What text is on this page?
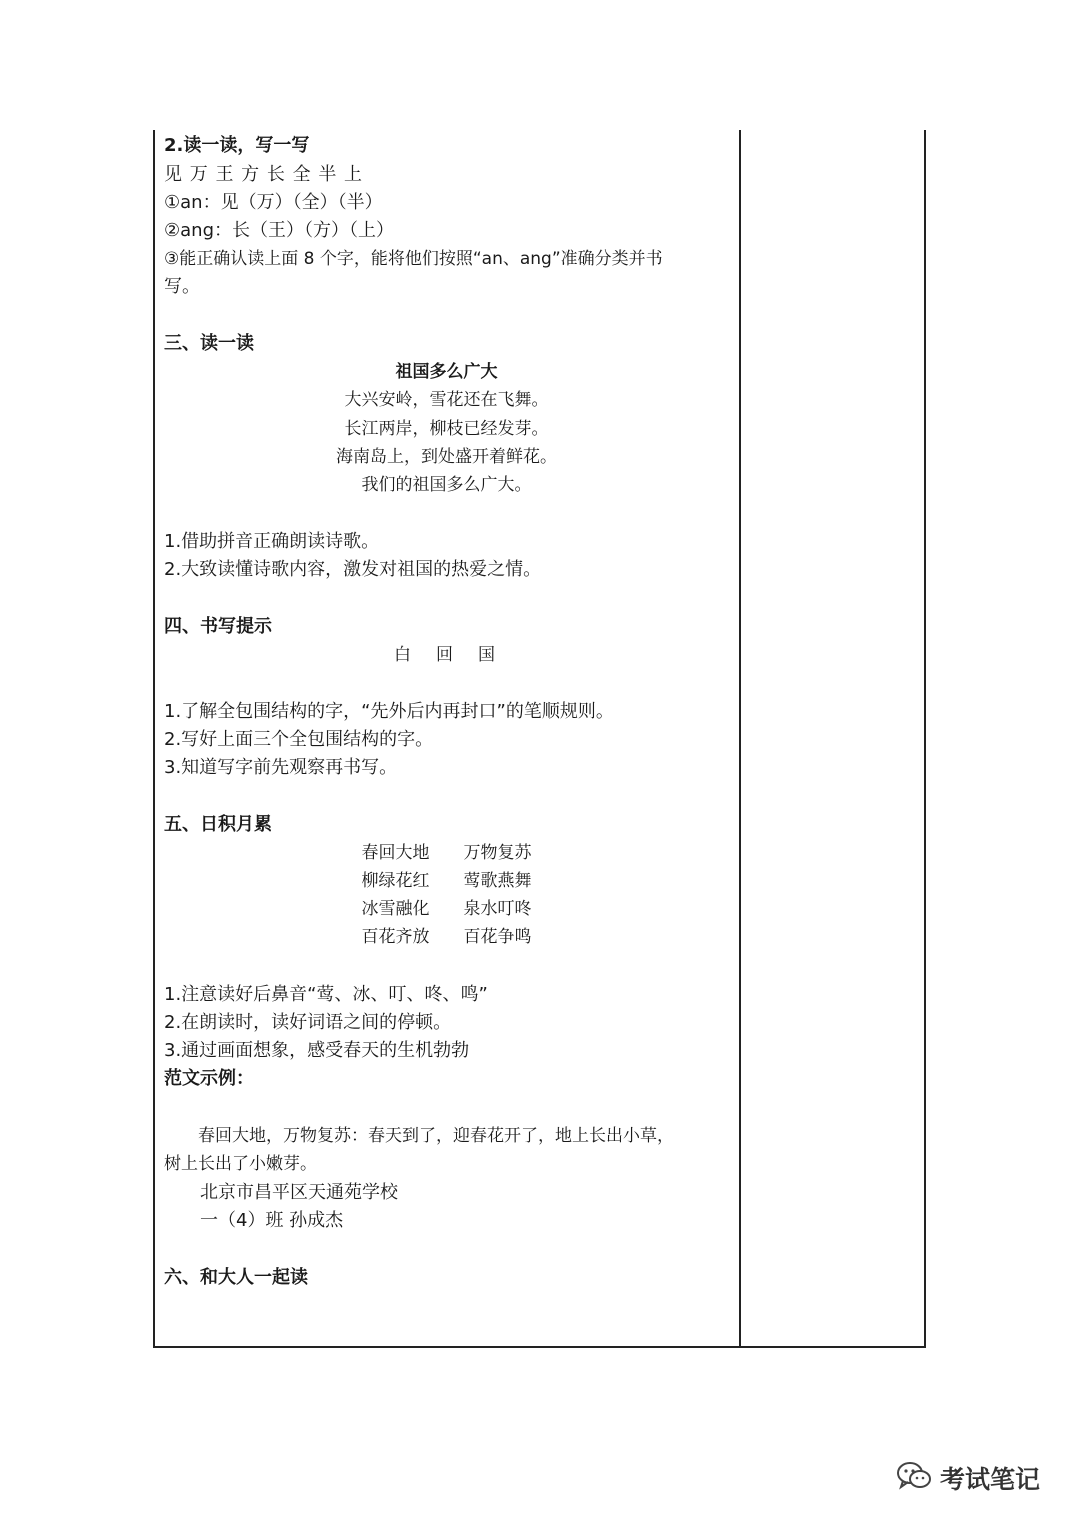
2.读一读，写一写
见 万 王 方 长 全 半 上
①an：见（万）（全）（半）
②ang：长（王）（方）（上）
③能正确认读上面 8 个字，能将他们按照“an、ang”准确分类并书
写。
三、读一读
祖国多么广大
大兴安岭，雪花还在飞舞。
长江两岸，柳枝已经发芽。
海南岛上，到处盛开着鲜花。
我们的祖国多么广大。
1.借助拼音正确朗读诗歌。
2.大致读懂诗歌内容，激发对祖国的热爱之情。
四、书写提示
白　回　国
1.了解全包围结构的字，“先外后内再封口”的笔顺规则。
2.写好上面三个全包围结构的字。
3.知道写字前先观察再书写。
五、日积月累
春回大地　　万物复苏
柳绿花红　　莺歌燕舞
冰雪融化　　泉水叮咚
百花齐放　　百花争鸣
1.注意读好后鼻音“莺、冰、叮、咚、鸣”
2.在朗读时，读好词语之间的停顿。
3.通过画面想象，感受春天的生机勃勃
范文示例：
　　春回大地，万物复苏：春天到了，迎春花开了，地上长出小草，
树上长出了小嫩芽。
　　北京市昌平区天通苑学校
　　一（4）班 孙成杰
六、和大人一起读
考试笔记
